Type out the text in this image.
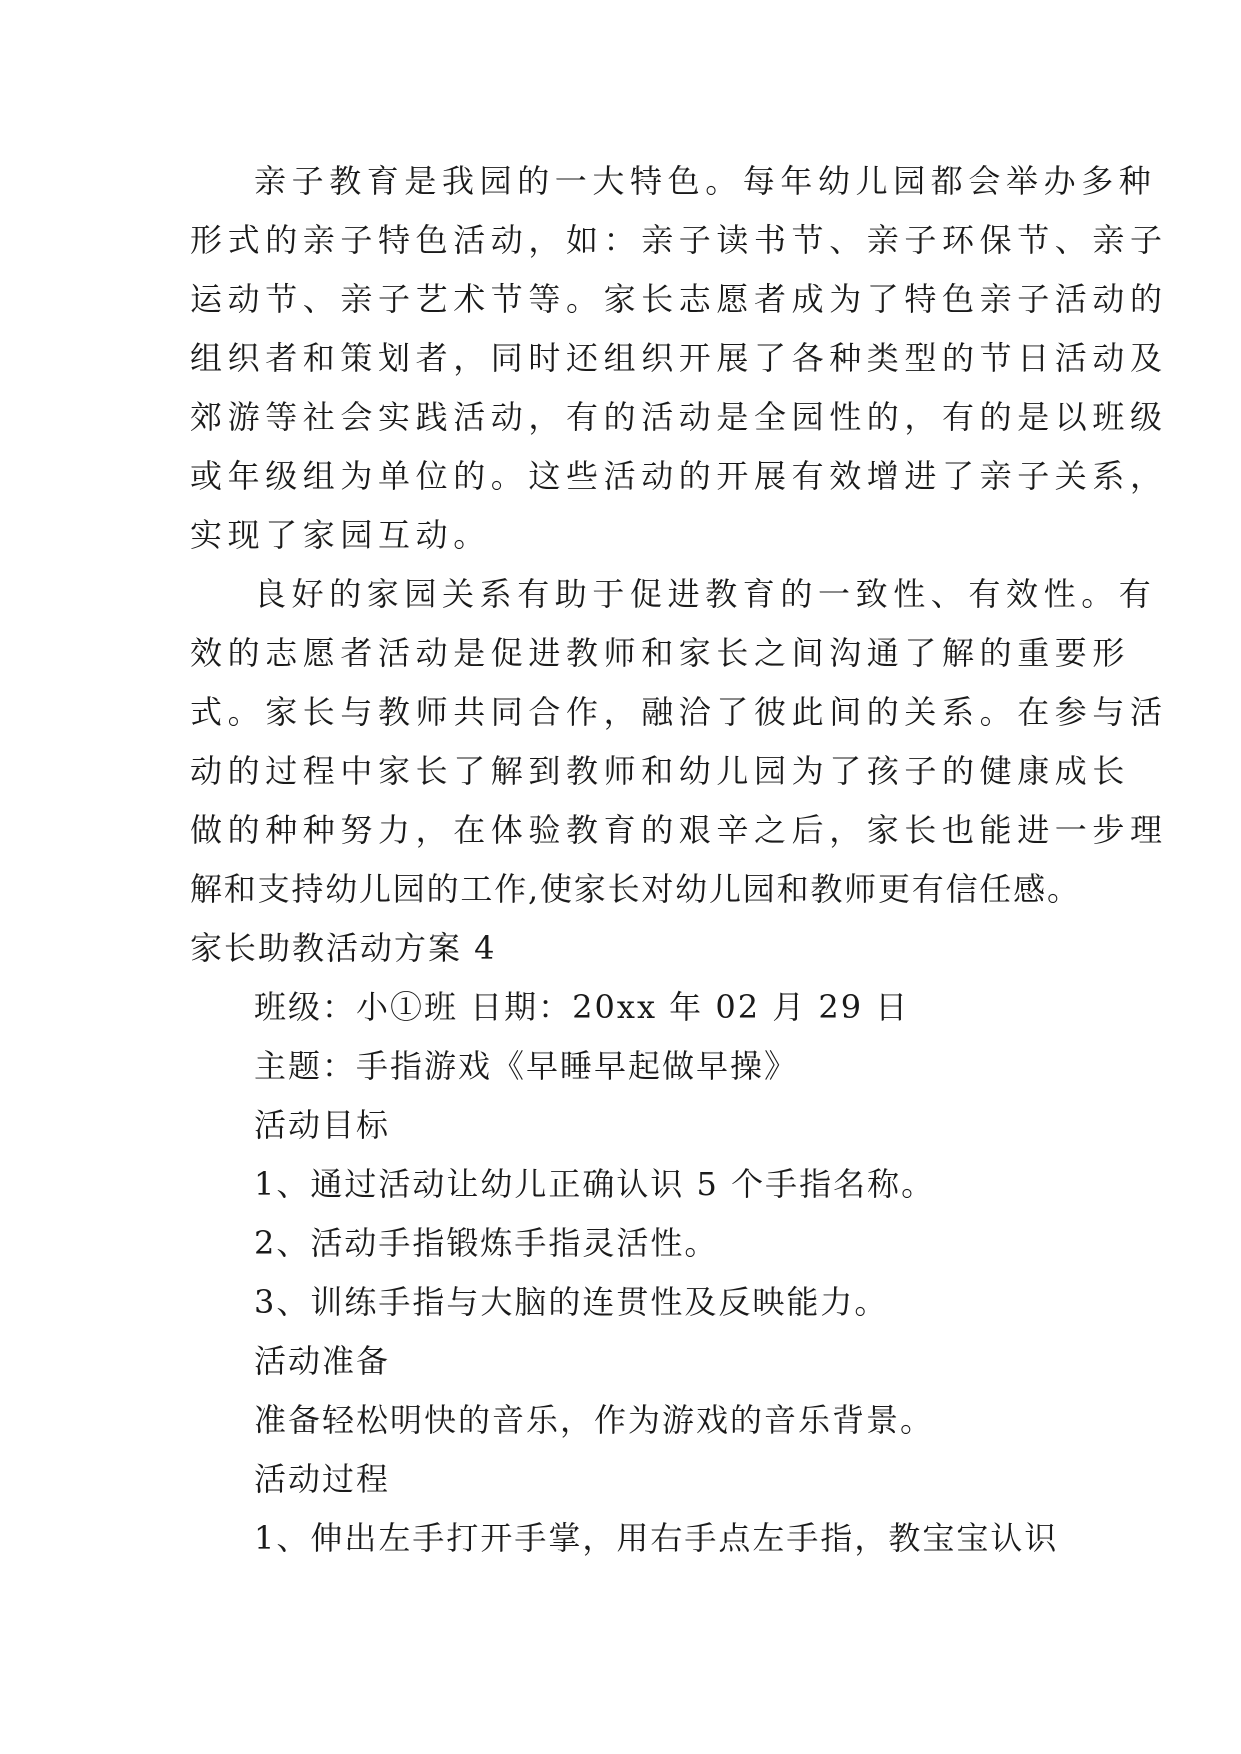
亲子教育是我园的一大特色。每年幼儿园都会举办多种
形式的亲子特色活动，如：亲子读书节、亲子环保节、亲子
运动节、亲子艺术节等。家长志愿者成为了特色亲子活动的
组织者和策划者，同时还组织开展了各种类型的节日活动及
郊游等社会实践活动，有的活动是全园性的，有的是以班级
或年级组为单位的。这些活动的开展有效增进了亲子关系，
实现了家园互动。
良好的家园关系有助于促进教育的一致性、有效性。有
效的志愿者活动是促进教师和家长之间沟通了解的重要形
式。家长与教师共同合作，融洽了彼此间的关系。在参与活
动的过程中家长了解到教师和幼儿园为了孩子的健康成长
做的种种努力，在体验教育的艰辛之后，家长也能进一步理
解和支持幼儿园的工作,使家长对幼儿园和教师更有信任感。
家长助教活动方案 4
班级：小①班 日期：20xx 年 02 月 29 日
主题：手指游戏《早睡早起做早操》
活动目标
1、通过活动让幼儿正确认识 5 个手指名称。
2、活动手指锻炼手指灵活性。
3、训练手指与大脑的连贯性及反映能力。
活动准备
准备轻松明快的音乐，作为游戏的音乐背景。
活动过程
1、伸出左手打开手掌，用右手点左手指，教宝宝认识
